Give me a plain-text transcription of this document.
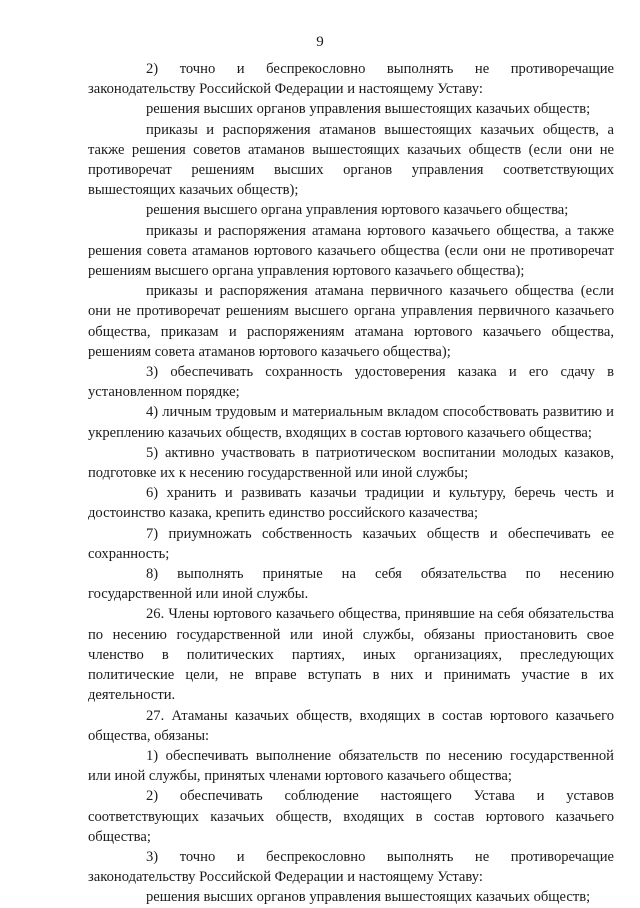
9

2) точно и беспрекословно выполнять не противоречащие законодательству Российской Федерации и настоящему Уставу:

решения высших органов управления вышестоящих казачьих обществ;

приказы и распоряжения атаманов вышестоящих казачьих обществ, а также решения советов атаманов вышестоящих казачьих обществ (если они не противоречат решениям высших органов управления соответствующих вышестоящих казачьих обществ);

решения высшего органа управления юртового казачьего общества;

приказы и распоряжения атамана юртового казачьего общества, а также решения совета атаманов юртового казачьего общества (если они не противоречат решениям высшего органа управления юртового казачьего общества);

приказы и распоряжения атамана первичного казачьего общества (если они не противоречат решениям высшего органа управления первичного казачьего общества, приказам и распоряжениям атамана юртового казачьего общества, решениям совета атаманов юртового казачьего общества);

3) обеспечивать сохранность удостоверения казака и его сдачу в установленном порядке;

4) личным трудовым и материальным вкладом способствовать развитию и укреплению казачьих обществ, входящих в состав юртового казачьего общества;

5) активно участвовать в патриотическом воспитании молодых казаков, подготовке их к несению государственной или иной службы;

6) хранить и развивать казачьи традиции и культуру, беречь честь и достоинство казака, крепить единство российского казачества;

7) приумножать собственность казачьих обществ и обеспечивать ее сохранность;

8) выполнять принятые на себя обязательства по несению государственной или иной службы.

26. Члены юртового казачьего общества, принявшие на себя обязательства по несению государственной или иной службы, обязаны приостановить свое членство в политических партиях, иных организациях, преследующих политические цели, не вправе вступать в них и принимать участие в их деятельности.

27. Атаманы казачьих обществ, входящих в состав юртового казачьего общества, обязаны:

1) обеспечивать выполнение обязательств по несению государственной или иной службы, принятых членами юртового казачьего общества;

2) обеспечивать соблюдение настоящего Устава и уставов соответствующих казачьих обществ, входящих в состав юртового казачьего общества;

3) точно и беспрекословно выполнять не противоречащие законодательству Российской Федерации и настоящему Уставу:

решения высших органов управления вышестоящих казачьих обществ;
